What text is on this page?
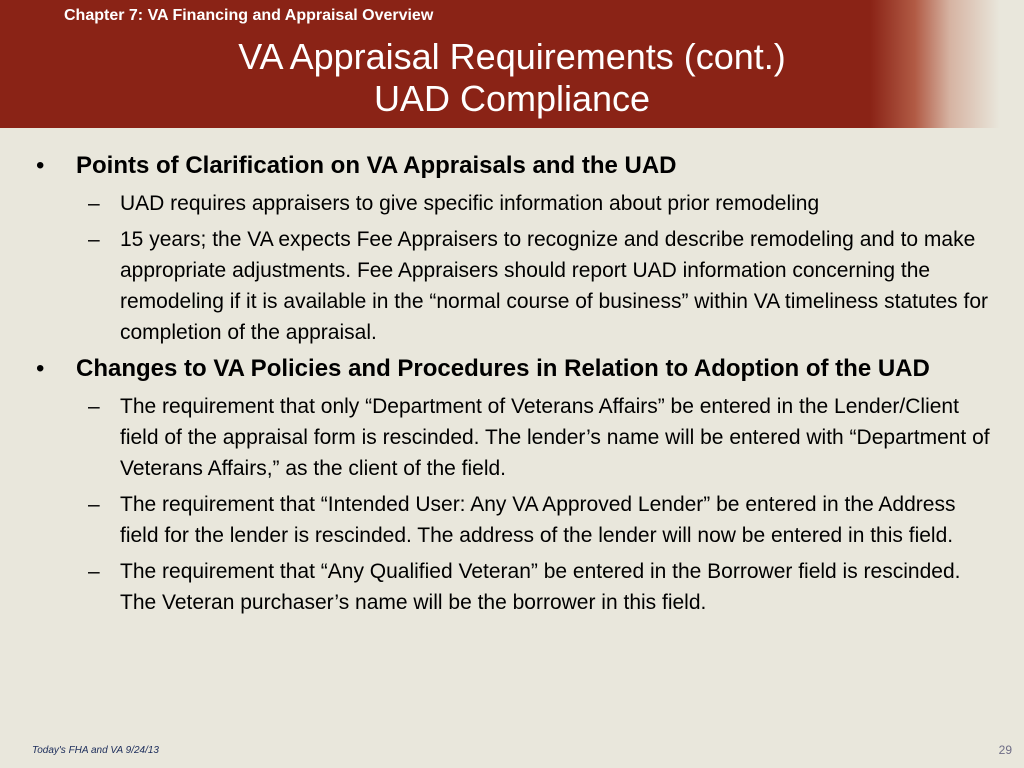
Chapter 7: VA Financing and Appraisal Overview
VA Appraisal Requirements (cont.)
UAD Compliance
•	Points of Clarification on VA Appraisals and the UAD
– UAD requires appraisers to give specific information about prior remodeling
– 15 years; the VA expects Fee Appraisers to recognize and describe remodeling and to make appropriate adjustments. Fee Appraisers should report UAD information concerning the remodeling if it is available in the “normal course of business” within VA timeliness statutes for completion of the appraisal.
•	Changes to VA Policies and Procedures in Relation to Adoption of the UAD
– The requirement that only “Department of Veterans Affairs” be entered in the Lender/Client field of the appraisal form is rescinded. The lender’s name will be entered with “Department of Veterans Affairs,” as the client of the field.
– The requirement that “Intended User: Any VA Approved Lender” be entered in the Address field for the lender is rescinded. The address of the lender will now be entered in this field.
– The requirement that “Any Qualified Veteran” be entered in the Borrower field is rescinded. The Veteran purchaser’s name will be the borrower in this field.
Today's FHA and VA 9/24/13	29
